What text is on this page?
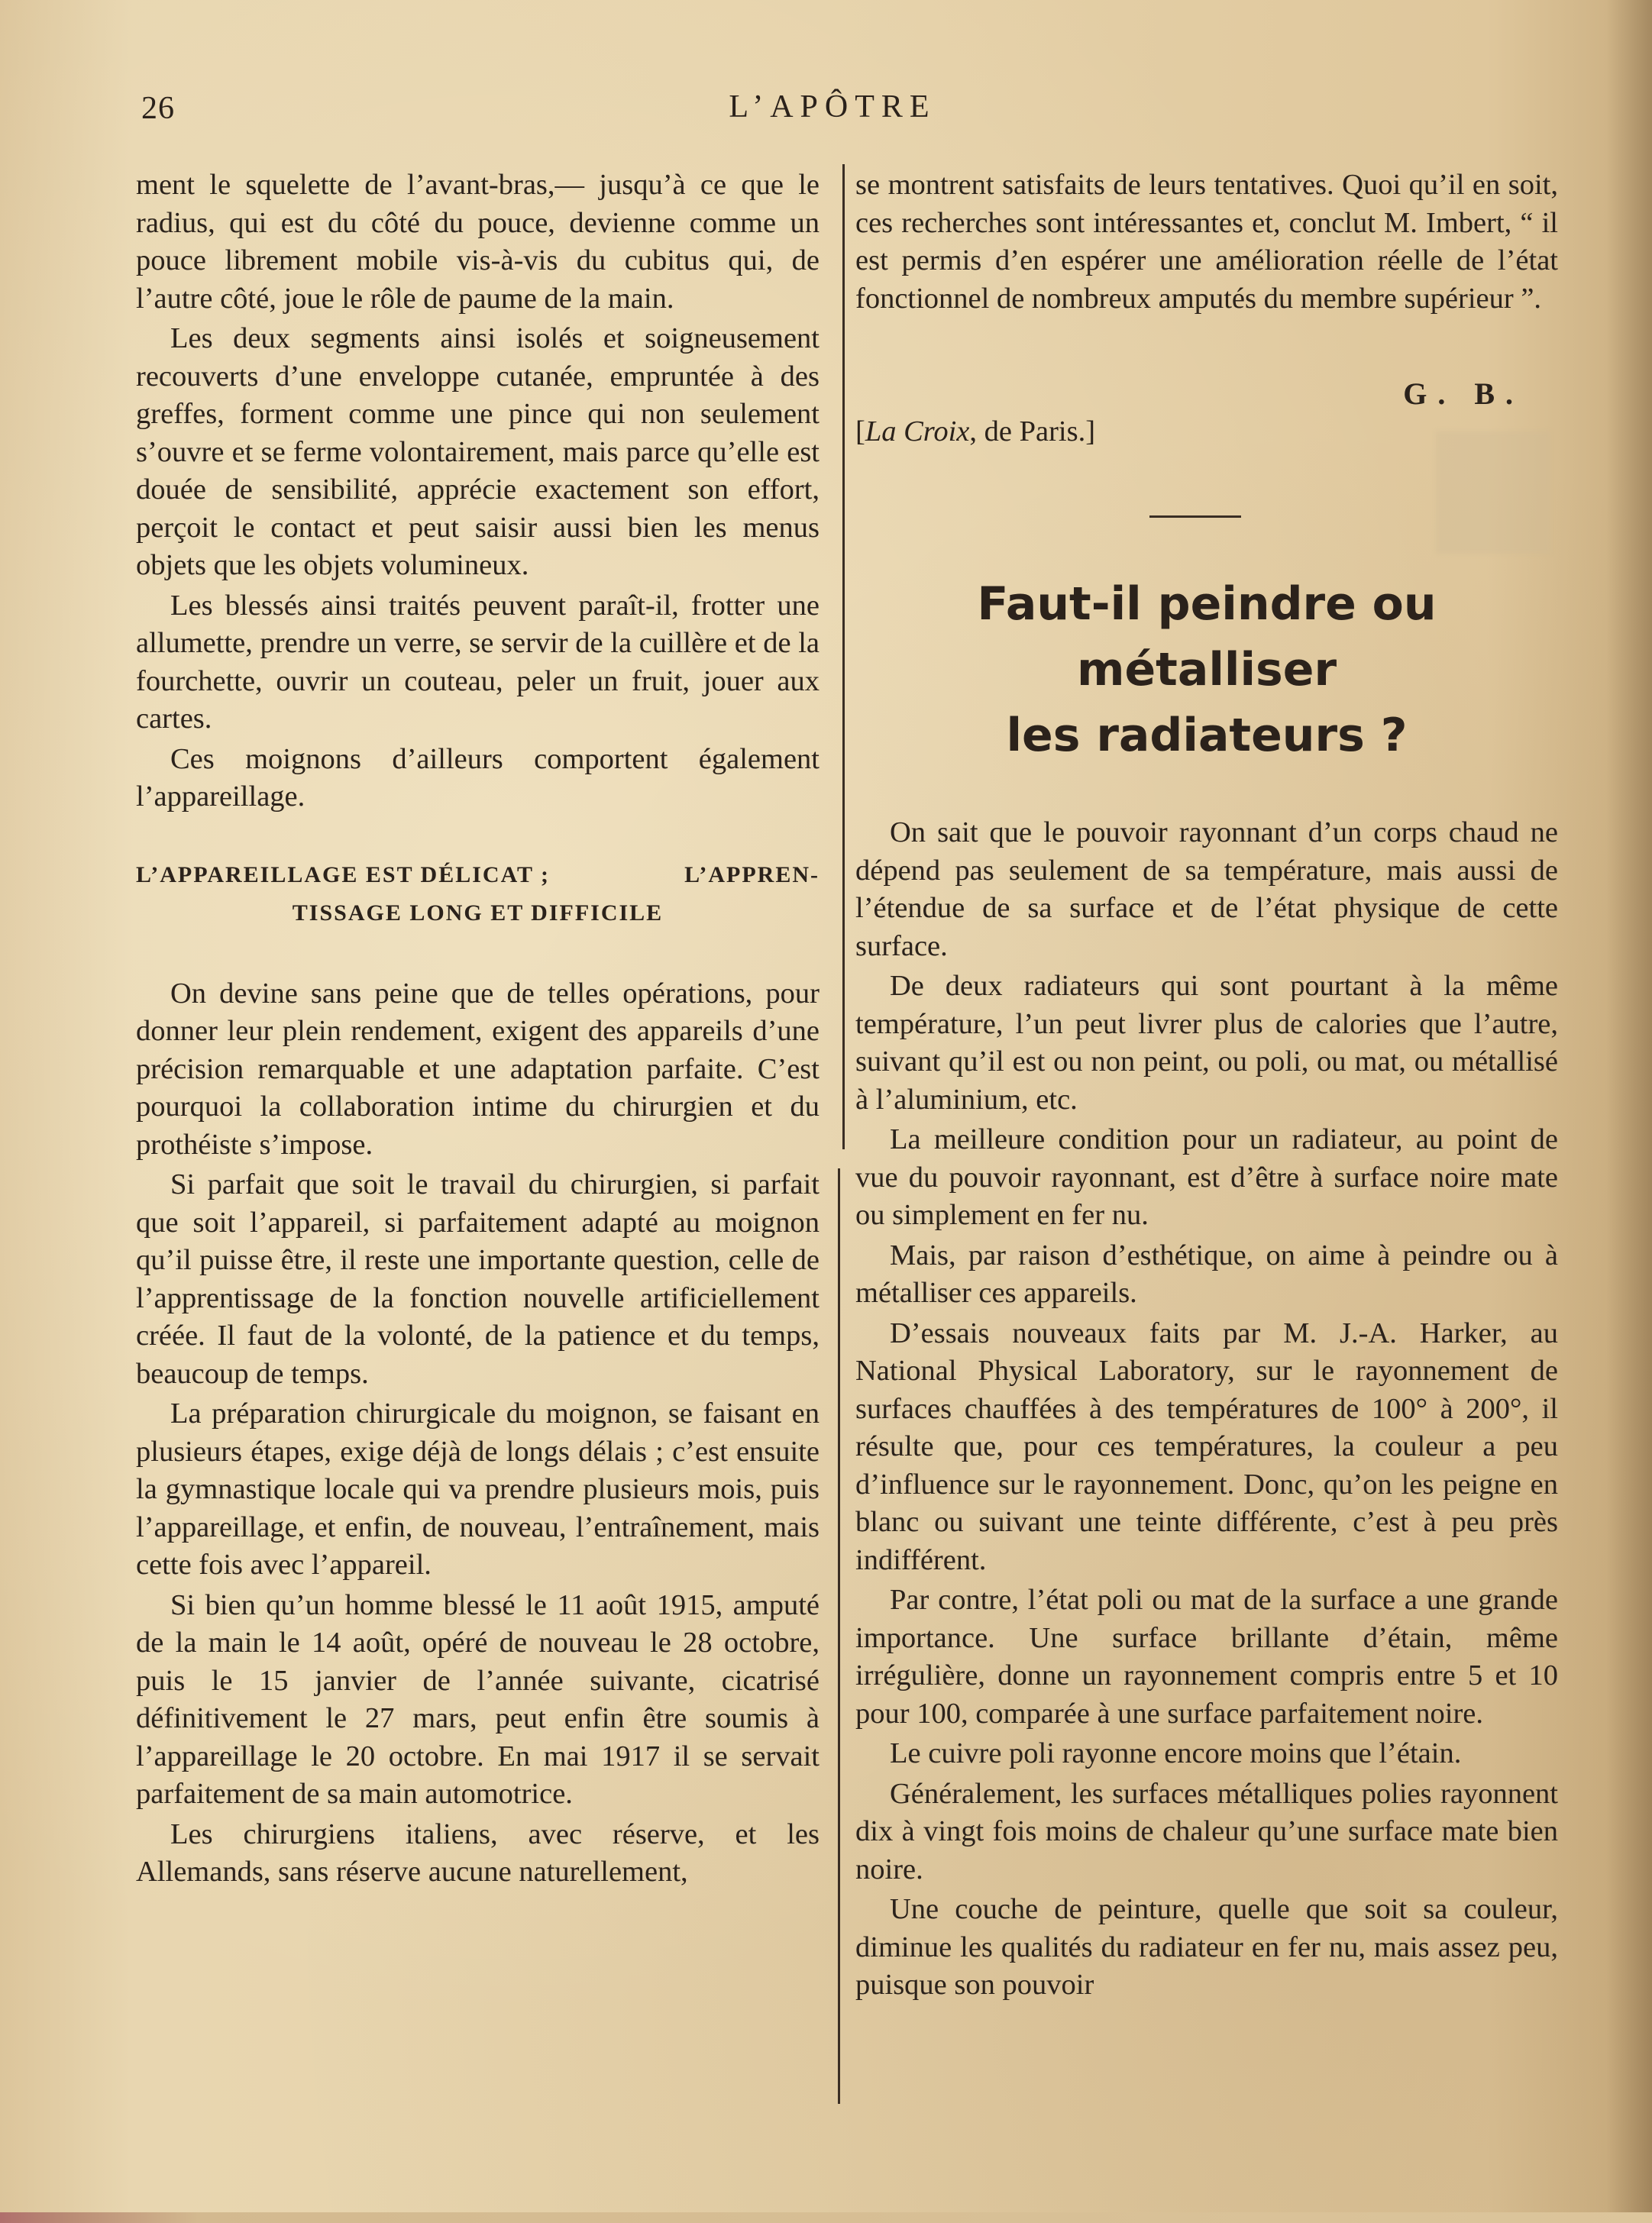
26	L’APÔTRE

ment le squelette de l’avant-bras,— jusqu’à ce que le radius, qui est du côté du pouce, devienne comme un pouce librement mobile vis-à-vis du cubitus qui, de l’autre côté, joue le rôle de paume de la main.

Les deux segments ainsi isolés et soigneusement recouverts d’une enveloppe cutanée, empruntée à des greffes, forment comme une pince qui non seulement s’ouvre et se ferme volontairement, mais parce qu’elle est douée de sensibilité, apprécie exactement son effort, perçoit le contact et peut saisir aussi bien les menus objets que les objets volumineux.

Les blessés ainsi traités peuvent paraît-il, frotter une allumette, prendre un verre, se servir de la cuillère et de la fourchette, ouvrir un couteau, peler un fruit, jouer aux cartes.

Ces moignons d’ailleurs comportent également l’appareillage.

L’APPAREILLAGE EST DÉLICAT ;	L’APPREN-
TISSAGE LONG ET DIFFICILE

On devine sans peine que de telles opérations, pour donner leur plein rendement, exigent des appareils d’une précision remarquable et une adaptation parfaite. C’est pourquoi la collaboration intime du chirurgien et du prothéiste s’impose.

Si parfait que soit le travail du chirurgien, si parfait que soit l’appareil, si parfaitement adapté au moignon qu’il puisse être, il reste une importante question, celle de l’apprentissage de la fonction nouvelle artificiellement créée. Il faut de la volonté, de la patience et du temps, beaucoup de temps.

La préparation chirurgicale du moignon, se faisant en plusieurs étapes, exige déjà de longs délais ; c’est ensuite la gymnastique locale qui va prendre plusieurs mois, puis l’appareillage, et enfin, de nouveau, l’entraînement, mais cette fois avec l’appareil.

Si bien qu’un homme blessé le 11 août 1915, amputé de la main le 14 août, opéré de nouveau le 28 octobre, puis le 15 janvier de l’année suivante, cicatrisé définitivement le 27 mars, peut enfin être soumis à l’appareillage le 20 octobre. En mai 1917 il se servait parfaitement de sa main automotrice.

Les chirurgiens italiens, avec réserve, et les Allemands, sans réserve aucune naturellement,

se montrent satisfaits de leurs tentatives. Quoi qu’il en soit, ces recherches sont intéressantes et, conclut M. Imbert, “ il est permis d’en espérer une amélioration réelle de l’état fonctionnel de nombreux amputés du membre supérieur ”.

G. B.

[La Croix, de Paris.]

Faut-il peindre ou métalliser
les radiateurs ?

On sait que le pouvoir rayonnant d’un corps chaud ne dépend pas seulement de sa température, mais aussi de l’étendue de sa surface et de l’état physique de cette surface.

De deux radiateurs qui sont pourtant à la même température, l’un peut livrer plus de calories que l’autre, suivant qu’il est ou non peint, ou poli, ou mat, ou métallisé à l’aluminium, etc.

La meilleure condition pour un radiateur, au point de vue du pouvoir rayonnant, est d’être à surface noire mate ou simplement en fer nu.

Mais, par raison d’esthétique, on aime à peindre ou à métalliser ces appareils.

D’essais nouveaux faits par M. J.-A. Harker, au National Physical Laboratory, sur le rayonnement de surfaces chauffées à des températures de 100° à 200°, il résulte que, pour ces températures, la couleur a peu d’influence sur le rayonnement. Donc, qu’on les peigne en blanc ou suivant une teinte différente, c’est à peu près indifférent.

Par contre, l’état poli ou mat de la surface a une grande importance. Une surface brillante d’étain, même irrégulière, donne un rayonnement compris entre 5 et 10 pour 100, comparée à une surface parfaitement noire.

Le cuivre poli rayonne encore moins que l’étain.

Généralement, les surfaces métalliques polies rayonnent dix à vingt fois moins de chaleur qu’une surface mate bien noire.

Une couche de peinture, quelle que soit sa couleur, diminue les qualités du radiateur en fer nu, mais assez peu, puisque son pouvoir
